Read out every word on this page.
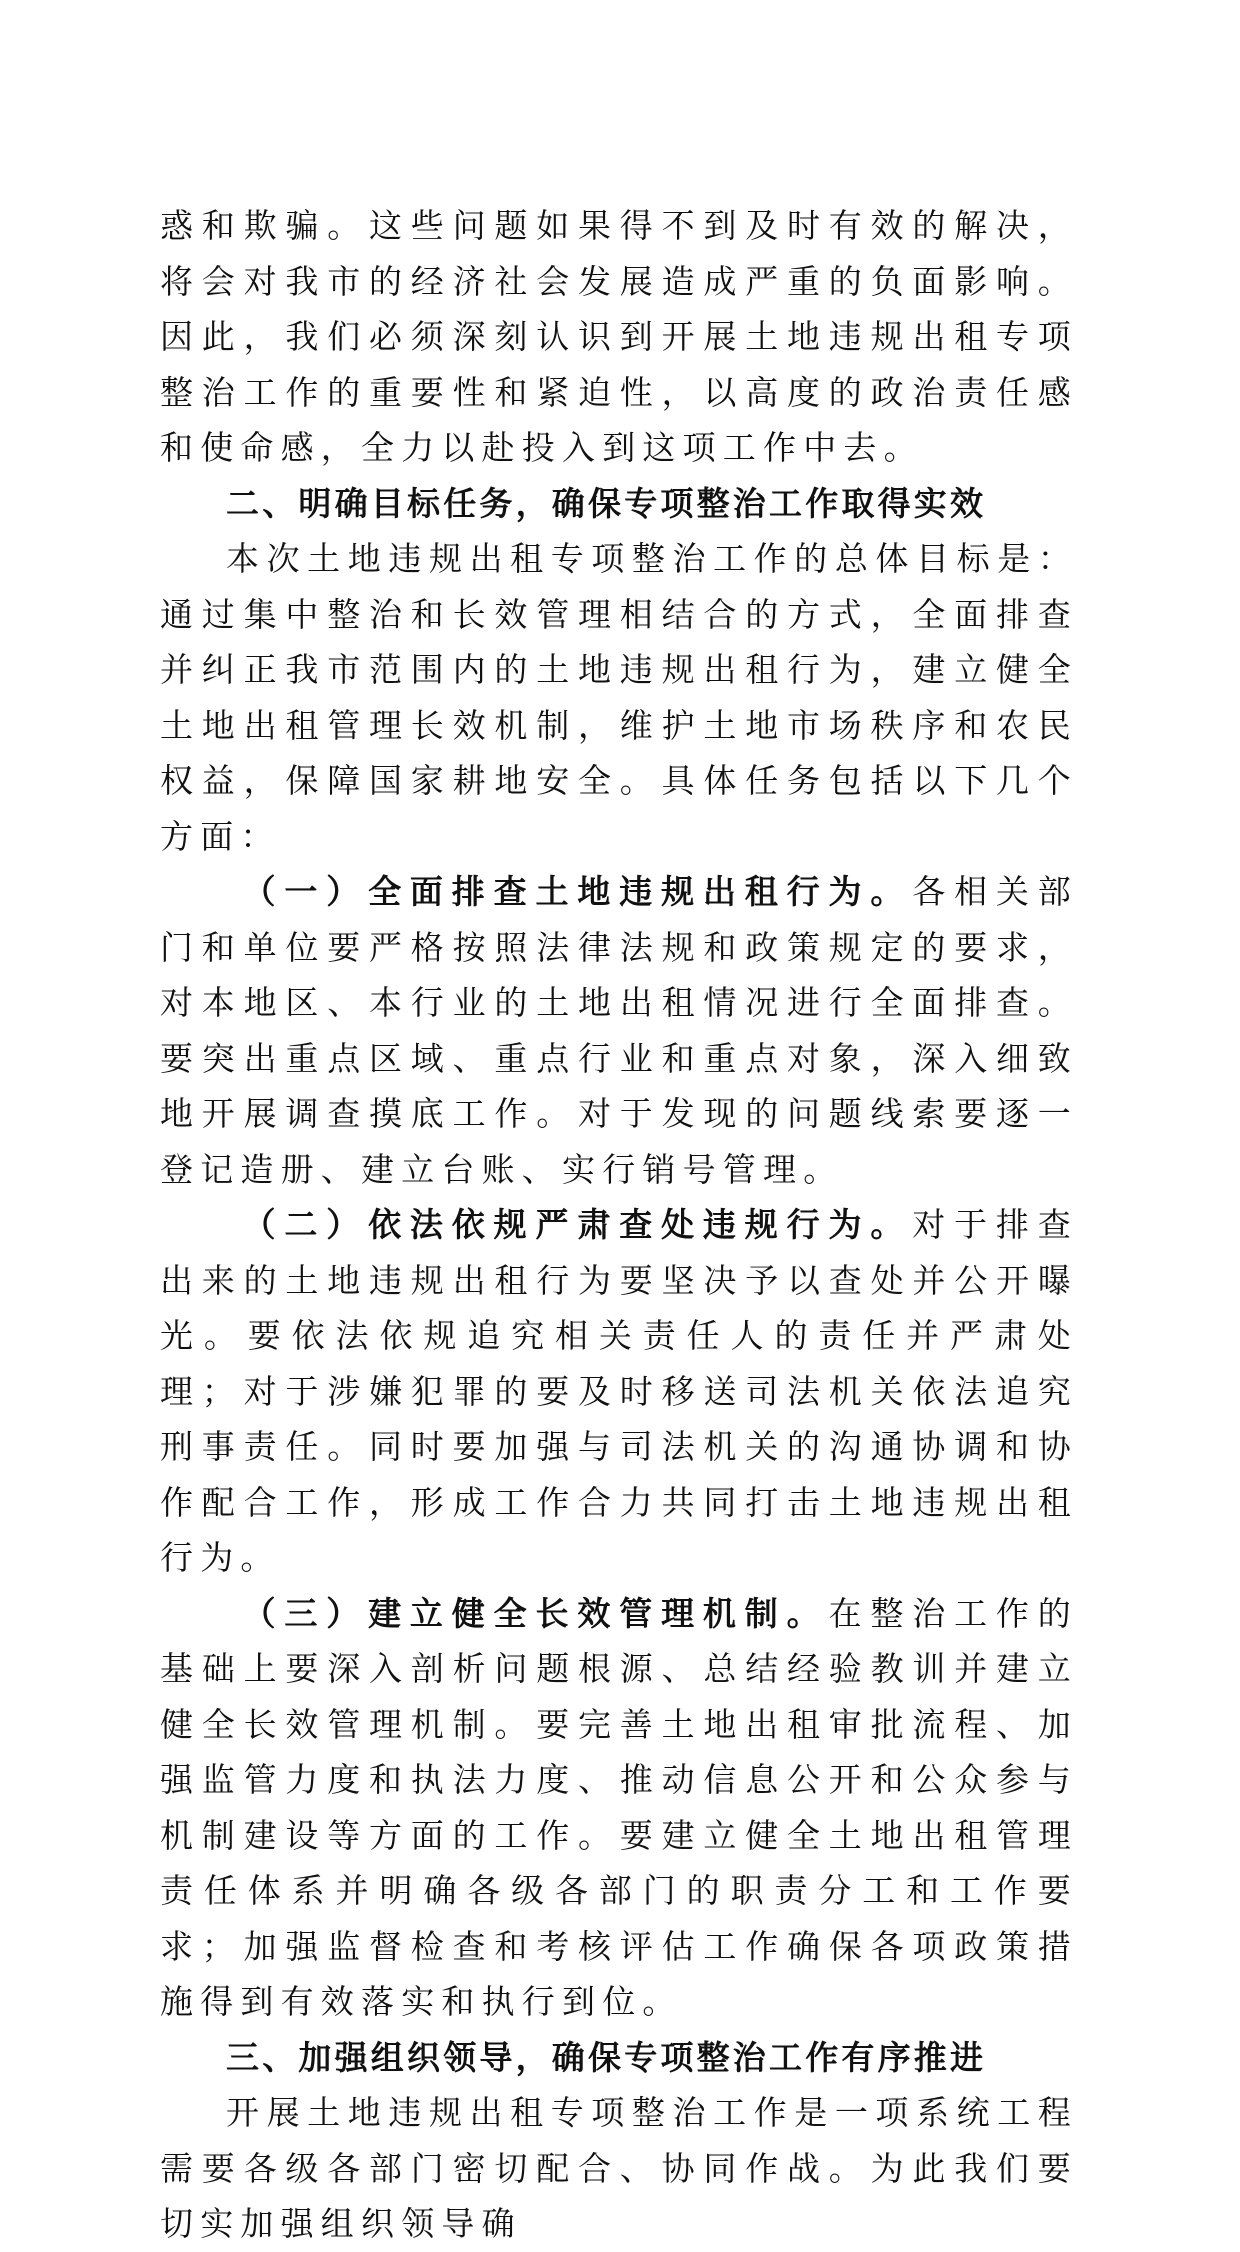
惑和欺骗。这些问题如果得不到及时有效的解决，将会对我市的经济社会发展造成严重的负面影响。因此，我们必须深刻认识到开展土地违规出租专项整治工作的重要性和紧迫性，以高度的政治责任感和使命感，全力以赴投入到这项工作中去。

二、明确目标任务，确保专项整治工作取得实效

本次土地违规出租专项整治工作的总体目标是：通过集中整治和长效管理相结合的方式，全面排查并纠正我市范围内的土地违规出租行为，建立健全土地出租管理长效机制，维护土地市场秩序和农民权益，保障国家耕地安全。具体任务包括以下几个方面：

（一）全面排查土地违规出租行为。各相关部门和单位要严格按照法律法规和政策规定的要求，对本地区、本行业的土地出租情况进行全面排查。要突出重点区域、重点行业和重点对象，深入细致地开展调查摸底工作。对于发现的问题线索要逐一登记造册、建立台账、实行销号管理。

（二）依法依规严肃查处违规行为。对于排查出来的土地违规出租行为要坚决予以查处并公开曝光。要依法依规追究相关责任人的责任并严肃处理；对于涉嫌犯罪的要及时移送司法机关依法追究刑事责任。同时要加强与司法机关的沟通协调和协作配合工作，形成工作合力共同打击土地违规出租行为。

（三）建立健全长效管理机制。在整治工作的基础上要深入剖析问题根源、总结经验教训并建立健全长效管理机制。要完善土地出租审批流程、加强监管力度和执法力度、推动信息公开和公众参与机制建设等方面的工作。要建立健全土地出租管理责任体系并明确各级各部门的职责分工和工作要求；加强监督检查和考核评估工作确保各项政策措施得到有效落实和执行到位。

三、加强组织领导，确保专项整治工作有序推进

开展土地违规出租专项整治工作是一项系统工程需要各级各部门密切配合、协同作战。为此我们要切实加强组织领导确
